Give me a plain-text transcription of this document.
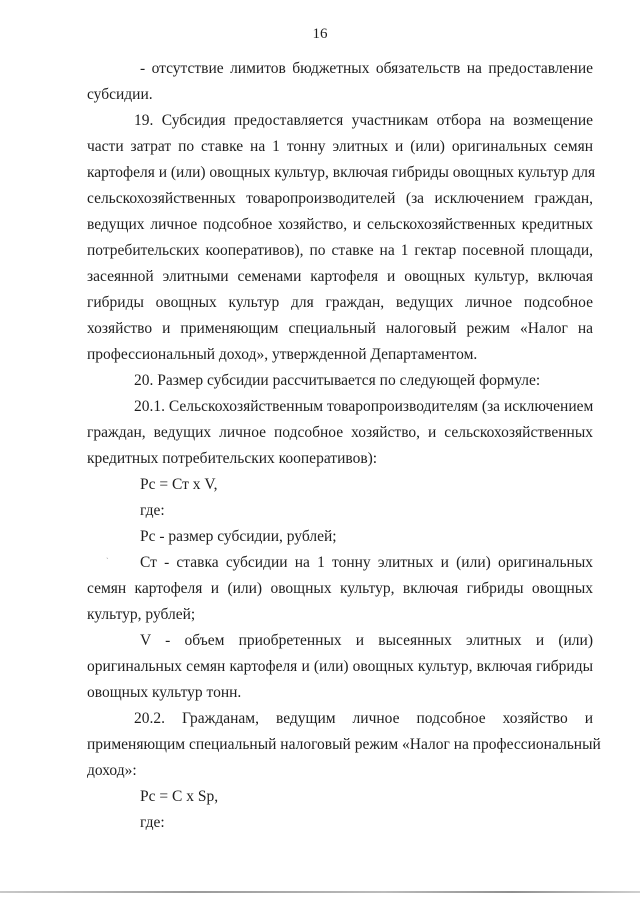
16
- отсутствие лимитов бюджетных обязательств на предоставление
субсидии.
19. Субсидия предоставляется участникам отбора на возмещение
части затрат по ставке на 1 тонну элитных и (или) оригинальных семян
картофеля и (или) овощных культур, включая гибриды овощных культур для
сельскохозяйственных товаропроизводителей (за исключением граждан,
ведущих личное подсобное хозяйство, и сельскохозяйственных кредитных
потребительских кооперативов), по ставке на 1 гектар посевной площади,
засеянной элитными семенами картофеля и овощных культур, включая
гибриды овощных культур для граждан, ведущих личное подсобное
хозяйство и применяющим специальный налоговый режим «Налог на
профессиональный доход», утвержденной Департаментом.
20. Размер субсидии рассчитывается по следующей формуле:
20.1. Сельскохозяйственным товаропроизводителям (за исключением
граждан, ведущих личное подсобное хозяйство, и сельскохозяйственных
кредитных потребительских кооперативов):
Рс = Ст х V,
где:
Рс - размер субсидии, рублей;
ˎ Ст - ставка субсидии на 1 тонну элитных и (или) оригинальных
семян картофеля и (или) овощных культур, включая гибриды овощных
культур, рублей;
V - объем приобретенных и высеянных элитных и (или)
оригинальных семян картофеля и (или) овощных культур, включая гибриды
овощных культур тонн.
20.2. Гражданам, ведущим личное подсобное хозяйство и
применяющим специальный налоговый режим «Налог на профессиональный
доход»:
Рс = С х Sp,
где:
